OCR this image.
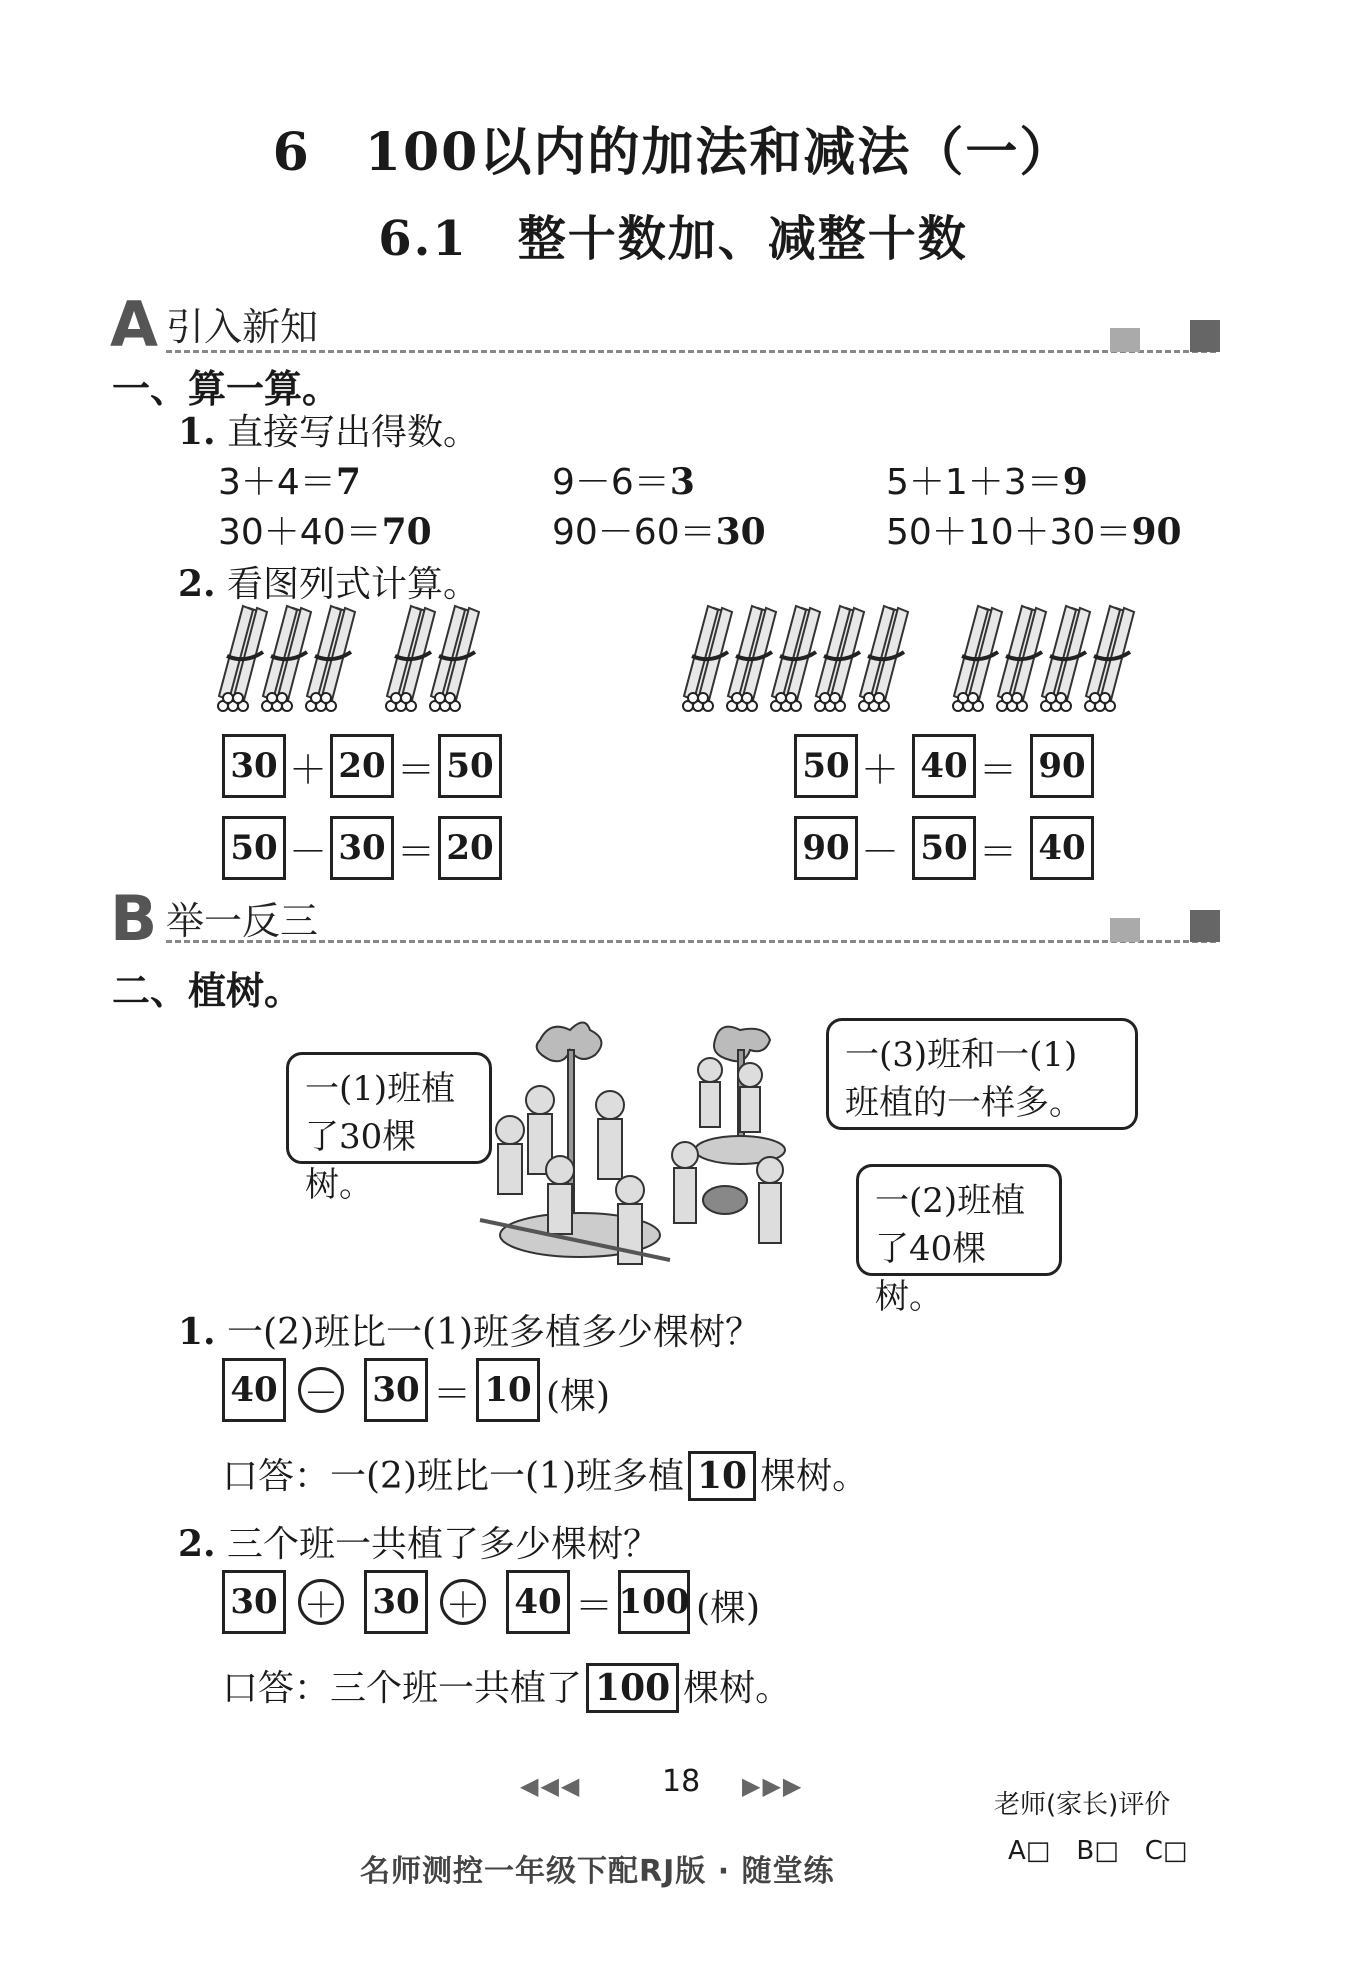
6　100以内的加法和减法（一）
6.1　整十数加、减整十数
A 引入新知
一、算一算。
1. 直接写出得数。
3＋4＝7	9－6＝3	5＋1＋3＝9
30＋40＝70	90－60＝30	50＋10＋30＝90
2. 看图列式计算。
30 ＋ 20 ＝ 50
50 － 30 ＝ 20
50 ＋ 40 ＝ 90
90 － 50 ＝ 40
B 举一反三
二、植树。
一(1)班植
了30棵树。
一(3)班和一(1)
班植的一样多。
一(2)班植
了40棵树。
1. 一(2)班比一(1)班多植多少棵树？
40 － 30 ＝ 10 (棵)
口答：一(2)班比一(1)班多植 10 棵树。
2. 三个班一共植了多少棵树？
30 ＋ 30 ＋ 40 ＝ 100 (棵)
口答：三个班一共植了 100 棵树。
◀◀◀	18 ▶▶▶
老师(家长)评价
A□　B□　C□
名师测控一年级下配RJ版 · 随堂练
